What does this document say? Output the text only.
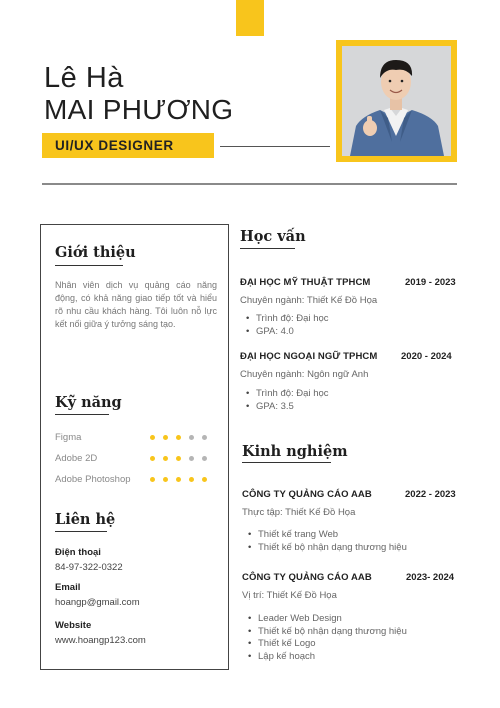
Lê Hà
MAI PHƯƠNG
UI/UX DESIGNER
Giới thiệu
Nhân viên dịch vụ quảng cáo năng động, có khả năng giao tiếp tốt và hiểu rõ nhu cầu khách hàng. Tôi luôn nỗ lực kết nối giữa ý tưởng sáng tạo.
Kỹ năng
Figma
Adobe 2D
Adobe Photoshop
Liên hệ
Điện thoại
84-97-322-0322
Email
hoangp@gmail.com
Website
www.hoangp123.com
Học vấn
ĐẠI HỌC MỸ THUẬT TPHCM	2019 - 2023
Chuyên ngành: Thiết Kế Đồ Họa
• Trình độ: Đại học
• GPA: 4.0
ĐẠI HỌC NGOẠI NGỮ TPHCM 2020 - 2024
Chuyên ngành: Ngôn ngữ Anh
• Trình độ: Đại học
• GPA: 3.5
Kinh nghiệm
CÔNG TY QUẢNG CÁO AAB	2022 - 2023
Thực tập: Thiết Kế Đồ Họa
• Thiết kế trang Web
• Thiết kế bộ nhận dạng thương hiệu
CÔNG TY QUẢNG CÁO AAB	2023- 2024
Vị trí: Thiết Kế Đồ Họa
• Leader Web Design
• Thiết kế bộ nhận dạng thương hiệu
• Thiết kế Logo
• Lập kế hoạch
